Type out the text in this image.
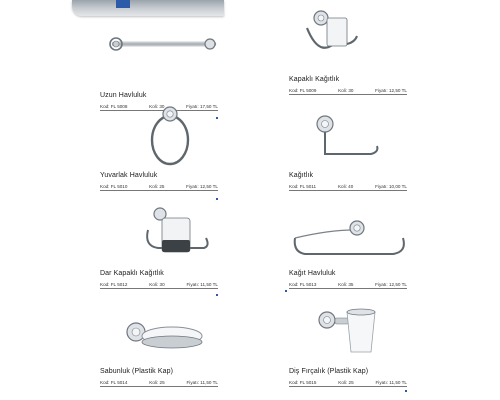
Uzun Havluluk
Kod: FL 5008	Koli: 30	Fiyatı: 17,50 TL
Kapaklı Kağıtlık
Kod: FL 5009	Koli: 30	Fiyatı: 12,50 TL
Yuvarlak Havluluk
Kod: FL 5010	Koli: 25	Fiyatı: 12,50 TL
Kağıtlık
Kod: FL 5011	Koli: 40	Fiyatı: 10,00 TL
Dar Kapaklı Kağıtlık
Kod: FL 5012	Koli: 30	Fiyatı: 11,50 TL
Kağıt Havluluk
Kod: FL 5013	Koli: 35	Fiyatı: 12,50 TL
Sabunluk (Plastik Kap)
Kod: FL 5014	Koli: 25	Fiyatı: 11,50 TL
Diş Fırçalık (Plastik Kap)
Kod: FL 5015	Koli: 25	Fiyatı: 11,50 TL
